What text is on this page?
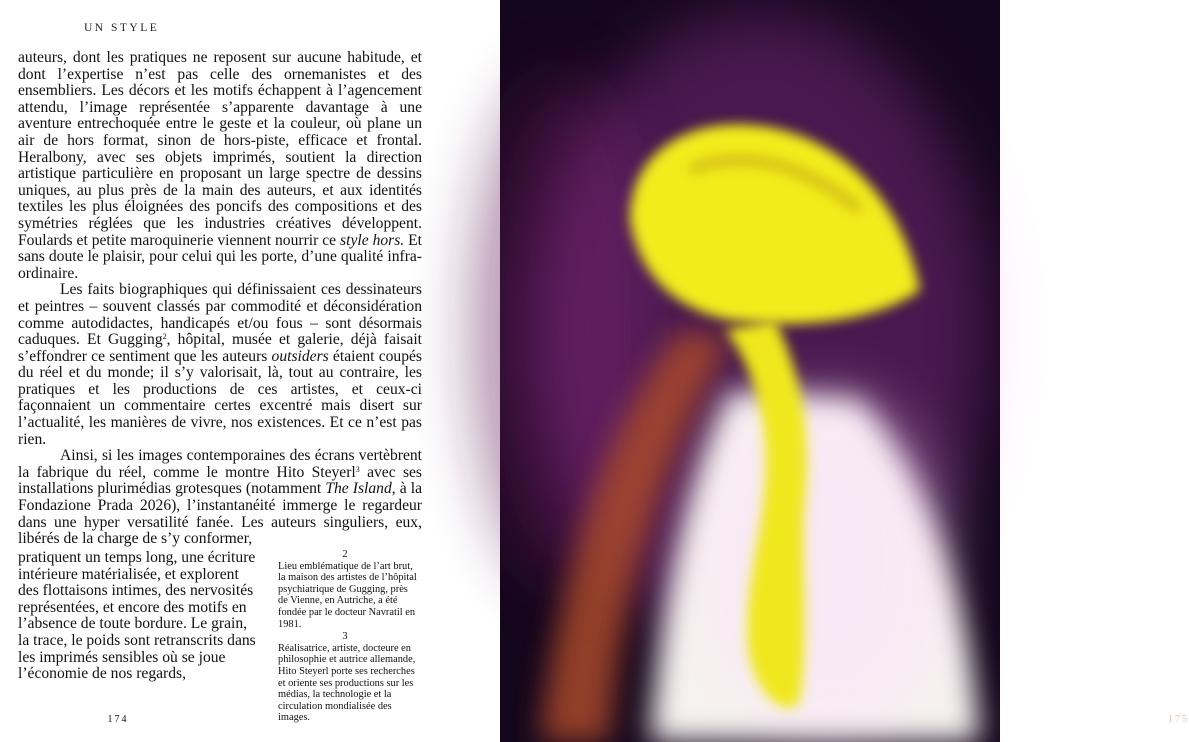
UN STYLE

auteurs, dont les pratiques ne reposent sur aucune habitude, et dont l’expertise n’est pas celle des ornemanistes et des ensembliers. Les décors et les motifs échappent à l’agencement attendu, l’image représentée s’apparente davantage à une aventure entrechoquée entre le geste et la couleur, où plane un air de hors format, sinon de hors-piste, efficace et frontal. Heralbony, avec ses objets imprimés, soutient la direction artistique particulière en proposant un large spectre de dessins uniques, au plus près de la main des auteurs, et aux identités textiles les plus éloignées des poncifs des compositions et des symétries réglées que les industries créatives développent. Foulards et petite maroquinerie viennent nourrir ce style hors. Et sans doute le plaisir, pour celui qui les porte, d’une qualité infra-ordinaire.

Les faits biographiques qui définissaient ces dessinateurs et peintres – souvent classés par commodité et déconsidération comme autodidactes, handicapés et/ou fous – sont désormais caduques. Et Gugging$^2$, hôpital, musée et galerie, déjà faisait s’effondrer ce sentiment que les auteurs outsiders étaient coupés du réel et du monde; il s’y valorisait, là, tout au contraire, les pratiques et les productions de ces artistes, et ceux-ci façonnaient un commentaire certes excentré mais disert sur l’actualité, les manières de vivre, nos existences. Et ce n’est pas rien.

Ainsi, si les images contemporaines des écrans vertèbrent la fabrique du réel, comme le montre Hito Steyerl$^3$ avec ses installations plurimédias grotesques (notamment The Island, à la Fondazione Prada 2026), l’instantanéité immerge le regardeur dans une hyper versatilité fanée. Les auteurs singuliers, eux, libérés de la charge de s’y conformer,

pratiquent un temps long, une écriture intérieure matérialisée, et explorent des flottaisons intimes, des nervosités représentées, et encore des motifs en l’absence de toute bordure. Le grain, la trace, le poids sont retranscrits dans les imprimés sensibles où se joue l’économie de nos regards,

2
Lieu emblématique de l’art brut, la maison des artistes de l’hôpital psychiatrique de Gugging, près de Vienne, en Autriche, a été fondée par le docteur Navratil en 1981.
3
Réalisatrice, artiste, docteure en philosophie et autrice allemande, Hito Steyerl porte ses recherches et oriente ses productions sur les médias, la technologie et la circulation mondialisée des images.
174	175
